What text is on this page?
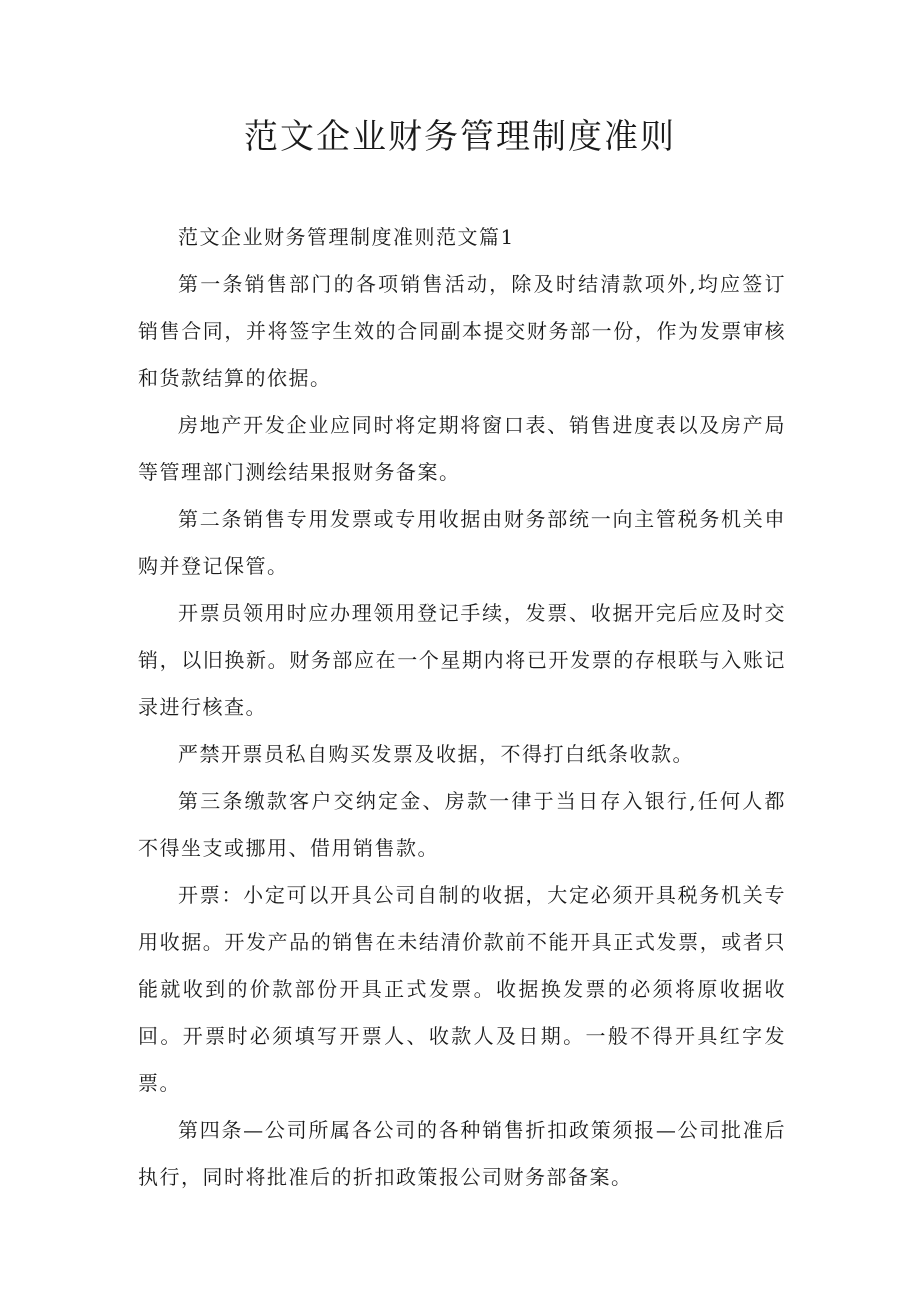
范文企业财务管理制度准则

范文企业财务管理制度准则范文篇1

第一条销售部门的各项销售活动，除及时结清款项外,均应签订销售合同，并将签字生效的合同副本提交财务部一份，作为发票审核和货款结算的依据。

房地产开发企业应同时将定期将窗口表、销售进度表以及房产局等管理部门测绘结果报财务备案。

第二条销售专用发票或专用收据由财务部统一向主管税务机关申购并登记保管。

开票员领用时应办理领用登记手续，发票、收据开完后应及时交销，以旧换新。财务部应在一个星期内将已开发票的存根联与入账记录进行核查。

严禁开票员私自购买发票及收据，不得打白纸条收款。

第三条缴款客户交纳定金、房款一律于当日存入银行,任何人都不得坐支或挪用、借用销售款。

开票：小定可以开具公司自制的收据，大定必须开具税务机关专用收据。开发产品的销售在未结清价款前不能开具正式发票，或者只能就收到的价款部份开具正式发票。收据换发票的必须将原收据收回。开票时必须填写开票人、收款人及日期。一般不得开具红字发票。

第四条—公司所属各公司的各种销售折扣政策须报—公司批准后执行，同时将批准后的折扣政策报公司财务部备案。
